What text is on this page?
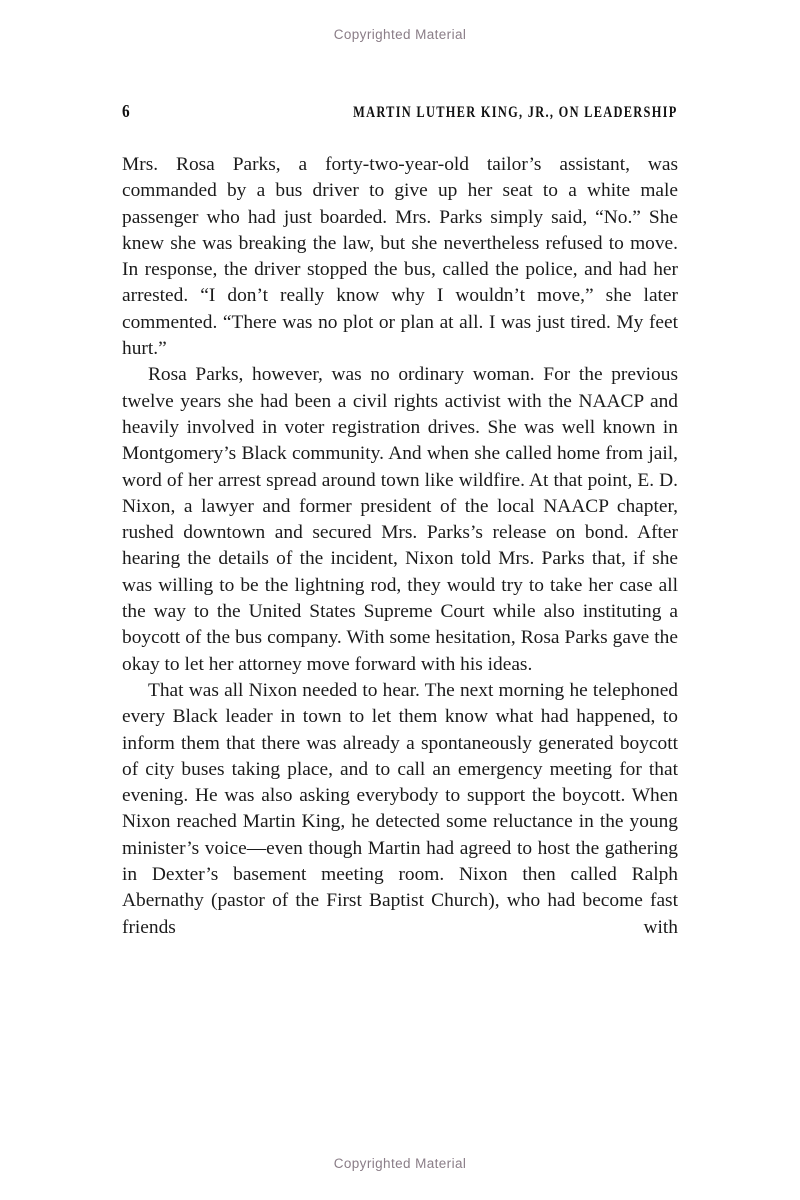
Copyrighted Material
6	MARTIN LUTHER KING, JR., ON LEADERSHIP

Mrs. Rosa Parks, a forty-two-year-old tailor’s assistant, was commanded by a bus driver to give up her seat to a white male passenger who had just boarded. Mrs. Parks simply said, “No.” She knew she was breaking the law, but she nevertheless refused to move. In response, the driver stopped the bus, called the police, and had her arrested. “I don’t really know why I wouldn’t move,” she later commented. “There was no plot or plan at all. I was just tired. My feet hurt.”

Rosa Parks, however, was no ordinary woman. For the previous twelve years she had been a civil rights activist with the NAACP and heavily involved in voter registration drives. She was well known in Montgomery’s Black community. And when she called home from jail, word of her arrest spread around town like wildfire. At that point, E. D. Nixon, a lawyer and former president of the local NAACP chapter, rushed downtown and secured Mrs. Parks’s release on bond. After hearing the details of the incident, Nixon told Mrs. Parks that, if she was willing to be the lightning rod, they would try to take her case all the way to the United States Supreme Court while also instituting a boycott of the bus company. With some hesitation, Rosa Parks gave the okay to let her attorney move forward with his ideas.

That was all Nixon needed to hear. The next morning he telephoned every Black leader in town to let them know what had happened, to inform them that there was already a spontaneously generated boycott of city buses taking place, and to call an emergency meeting for that evening. He was also asking everybody to support the boycott. When Nixon reached Martin King, he detected some reluctance in the young minister’s voice—even though Martin had agreed to host the gathering in Dexter’s basement meeting room. Nixon then called Ralph Abernathy (pastor of the First Baptist Church), who had become fast friends with

Copyrighted Material
